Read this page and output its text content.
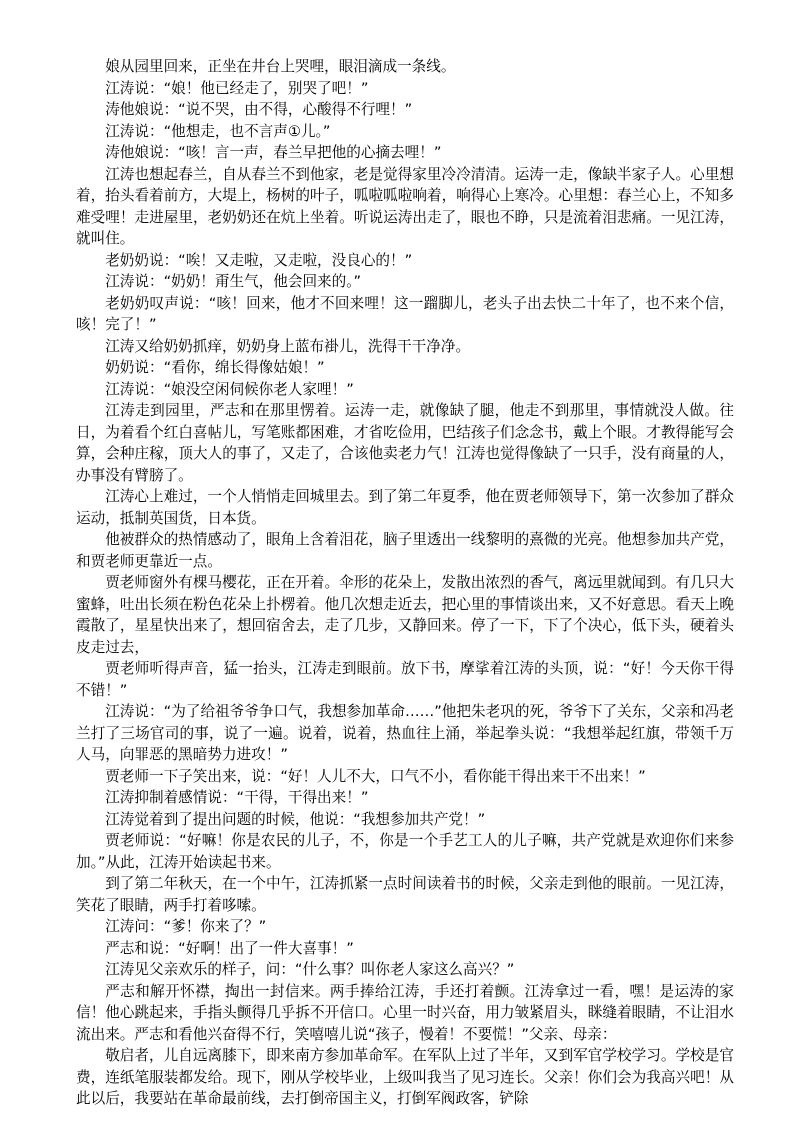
娘从园里回来，正坐在井台上哭哩，眼泪滴成一条线。

江涛说：“娘！他已经走了，别哭了吧！”

涛他娘说：“说不哭，由不得，心酸得不行哩！”

江涛说：“他想走，也不言声①儿。”

涛他娘说：“咳！言一声，春兰早把他的心摘去哩！”

江涛也想起春兰，自从春兰不到他家，老是觉得家里冷冷清清。运涛一走，像缺半家子人。心里想着，抬头看着前方，大堤上，杨树的叶子，呱啦呱啦响着，响得心上寒冷。心里想：春兰心上，不知多难受哩！走进屋里，老奶奶还在炕上坐着。听说运涛出走了，眼也不睁，只是流着泪悲痛。一见江涛，就叫住。

老奶奶说：“唉！又走啦，又走啦，没良心的！”

江涛说：“奶奶！甭生气，他会回来的。”

老奶奶叹声说：“咳！回来，他才不回来哩！这一蹓脚儿，老头子出去快二十年了，也不来个信，咳！完了！”

江涛又给奶奶抓痒，奶奶身上蓝布褂儿，洗得干干净净。

奶奶说：“看你，绵长得像姑娘！”

江涛说：“娘没空闲伺候你老人家哩！”

江涛走到园里，严志和在那里愣着。运涛一走，就像缺了腿，他走不到那里，事情就没人做。往日，为着看个红白喜帖儿，写笔账都困难，才省吃俭用，巴结孩子们念念书，戴上个眼。才教得能写会算，会种庄稼，顶大人的事了，又走了，合该他卖老力气！江涛也觉得像缺了一只手，没有商量的人，办事没有臂膀了。

江涛心上难过，一个人悄悄走回城里去。到了第二年夏季，他在贾老师领导下，第一次参加了群众运动，抵制英国货，日本货。

他被群众的热情感动了，眼角上含着泪花，脑子里透出一线黎明的熹微的光亮。他想参加共产党，和贾老师更靠近一点。

贾老师窗外有棵马樱花，正在开着。伞形的花朵上，发散出浓烈的香气，离远里就闻到。有几只大蜜蜂，吐出长须在粉色花朵上扑楞着。他几次想走近去，把心里的事情谈出来，又不好意思。看天上晚霞散了，星星快出来了，想回宿舍去，走了几步，又静回来。停了一下，下了个决心，低下头，硬着头皮走过去，

贾老师听得声音，猛一抬头，江涛走到眼前。放下书，摩挲着江涛的头顶，说：“好！今天你干得不错！”

江涛说：“为了给祖爷爷争口气，我想参加革命……”他把朱老巩的死，爷爷下了关东，父亲和冯老兰打了三场官司的事，说了一遍。说着，说着，热血往上涌，举起拳头说：“我想举起红旗，带领千万人马，向罪恶的黑暗势力进攻！”

贾老师一下子笑出来，说：“好！人儿不大，口气不小，看你能干得出来干不出来！”

江涛抑制着感情说：“干得，干得出来！”

江涛觉着到了提出问题的时候，他说：“我想参加共产党！”

贾老师说：“好嘛！你是农民的儿子，不，你是一个手艺工人的儿子嘛，共产党就是欢迎你们来参加。”从此，江涛开始读起书来。

到了第二年秋天，在一个中午，江涛抓紧一点时间读着书的时候，父亲走到他的眼前。一见江涛，笑花了眼睛，两手打着哆嗦。

江涛问：“爹！你来了？”

严志和说：“好啊！出了一件大喜事！”

江涛见父亲欢乐的样子，问：“什么事？叫你老人家这么高兴？”

严志和解开怀襟，掏出一封信来。两手捧给江涛，手还打着颤。江涛拿过一看，嘿！是运涛的家信！他心跳起来，手指头颤得几乎拆不开信口。心里一时兴奋，用力皱紧眉头，眯缝着眼睛，不让泪水流出来。严志和看他兴奋得不行，笑嘻嘻儿说“孩子，慢着！不要慌！”父亲、母亲：

敬启者，儿自远离膝下，即来南方参加革命军。在军队上过了半年，又到军官学校学习。学校是官费，连纸笔服装都发给。现下，刚从学校毕业，上级叫我当了见习连长。父亲！你们会为我高兴吧！从此以后，我要站在革命最前线，去打倒帝国主义，打倒军阀政客，铲除
